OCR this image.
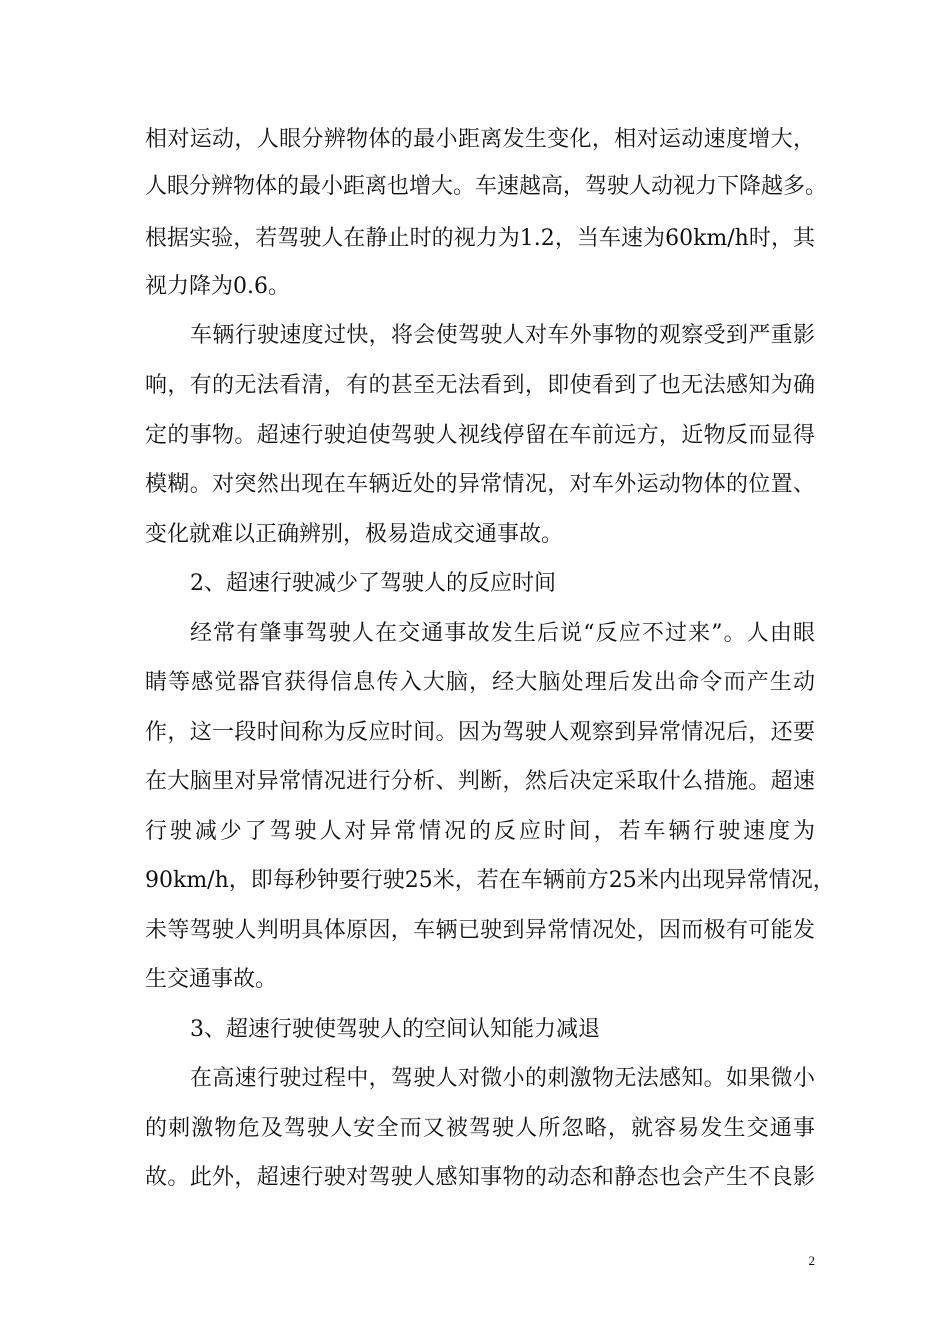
相对运动，人眼分辨物体的最小距离发生变化，相对运动速度增大，
人眼分辨物体的最小距离也增大。车速越高，驾驶人动视力下降越多。
根据实验，若驾驶人在静止时的视力为1.2，当车速为60km/h时，其
视力降为0.6。
车辆行驶速度过快，将会使驾驶人对车外事物的观察受到严重影
响，有的无法看清，有的甚至无法看到，即使看到了也无法感知为确
定的事物。超速行驶迫使驾驶人视线停留在车前远方，近物反而显得
模糊。对突然出现在车辆近处的异常情况，对车外运动物体的位置、
变化就难以正确辨别，极易造成交通事故。
2、超速行驶减少了驾驶人的反应时间
经常有肇事驾驶人在交通事故发生后说“反应不过来”。人由眼
睛等感觉器官获得信息传入大脑，经大脑处理后发出命令而产生动
作，这一段时间称为反应时间。因为驾驶人观察到异常情况后，还要
在大脑里对异常情况进行分析、判断，然后决定采取什么措施。超速
行驶减少了驾驶人对异常情况的反应时间，若车辆行驶速度为
90km/h，即每秒钟要行驶25米，若在车辆前方25米内出现异常情况，
未等驾驶人判明具体原因，车辆已驶到异常情况处，因而极有可能发
生交通事故。
3、超速行驶使驾驶人的空间认知能力减退
在高速行驶过程中，驾驶人对微小的刺激物无法感知。如果微小
的刺激物危及驾驶人安全而又被驾驶人所忽略，就容易发生交通事
故。此外，超速行驶对驾驶人感知事物的动态和静态也会产生不良影
2
